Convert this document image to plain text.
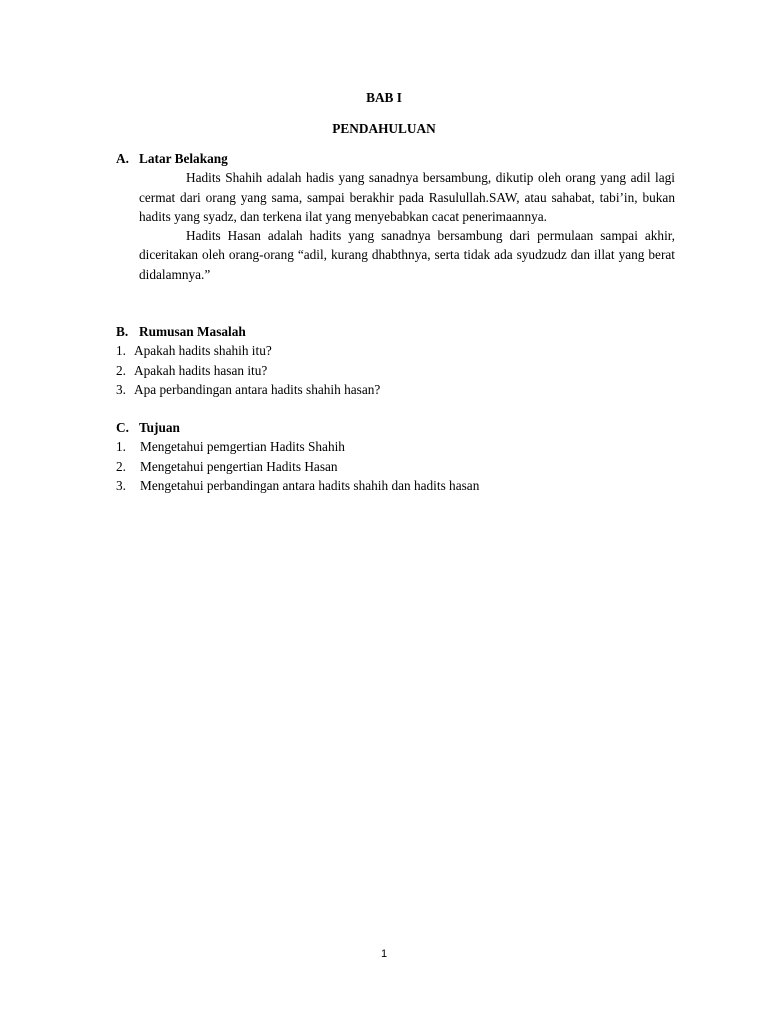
BAB I
PENDAHULUAN
A. Latar Belakang

Hadits Shahih adalah hadis yang sanadnya bersambung, dikutip oleh orang yang adil lagi cermat dari orang yang sama, sampai berakhir pada Rasulullah.SAW, atau sahabat, tabi’in, bukan hadits yang syadz, dan terkena ilat yang menyebabkan cacat penerimaannya.

Hadits Hasan adalah hadits yang sanadnya bersambung dari permulaan sampai akhir, diceritakan oleh orang-orang “adil, kurang dhabthnya, serta tidak ada syudzudz dan illat yang berat didalamnya.”

B. Rumusan Masalah
1. Apakah hadits shahih itu?
2. Apakah hadits hasan itu?
3. Apa perbandingan antara hadits shahih hasan?
C. Tujuan
1. Mengetahui pemgertian Hadits Shahih
2. Mengetahui pengertian Hadits Hasan
3. Mengetahui perbandingan antara hadits shahih dan hadits hasan
1
